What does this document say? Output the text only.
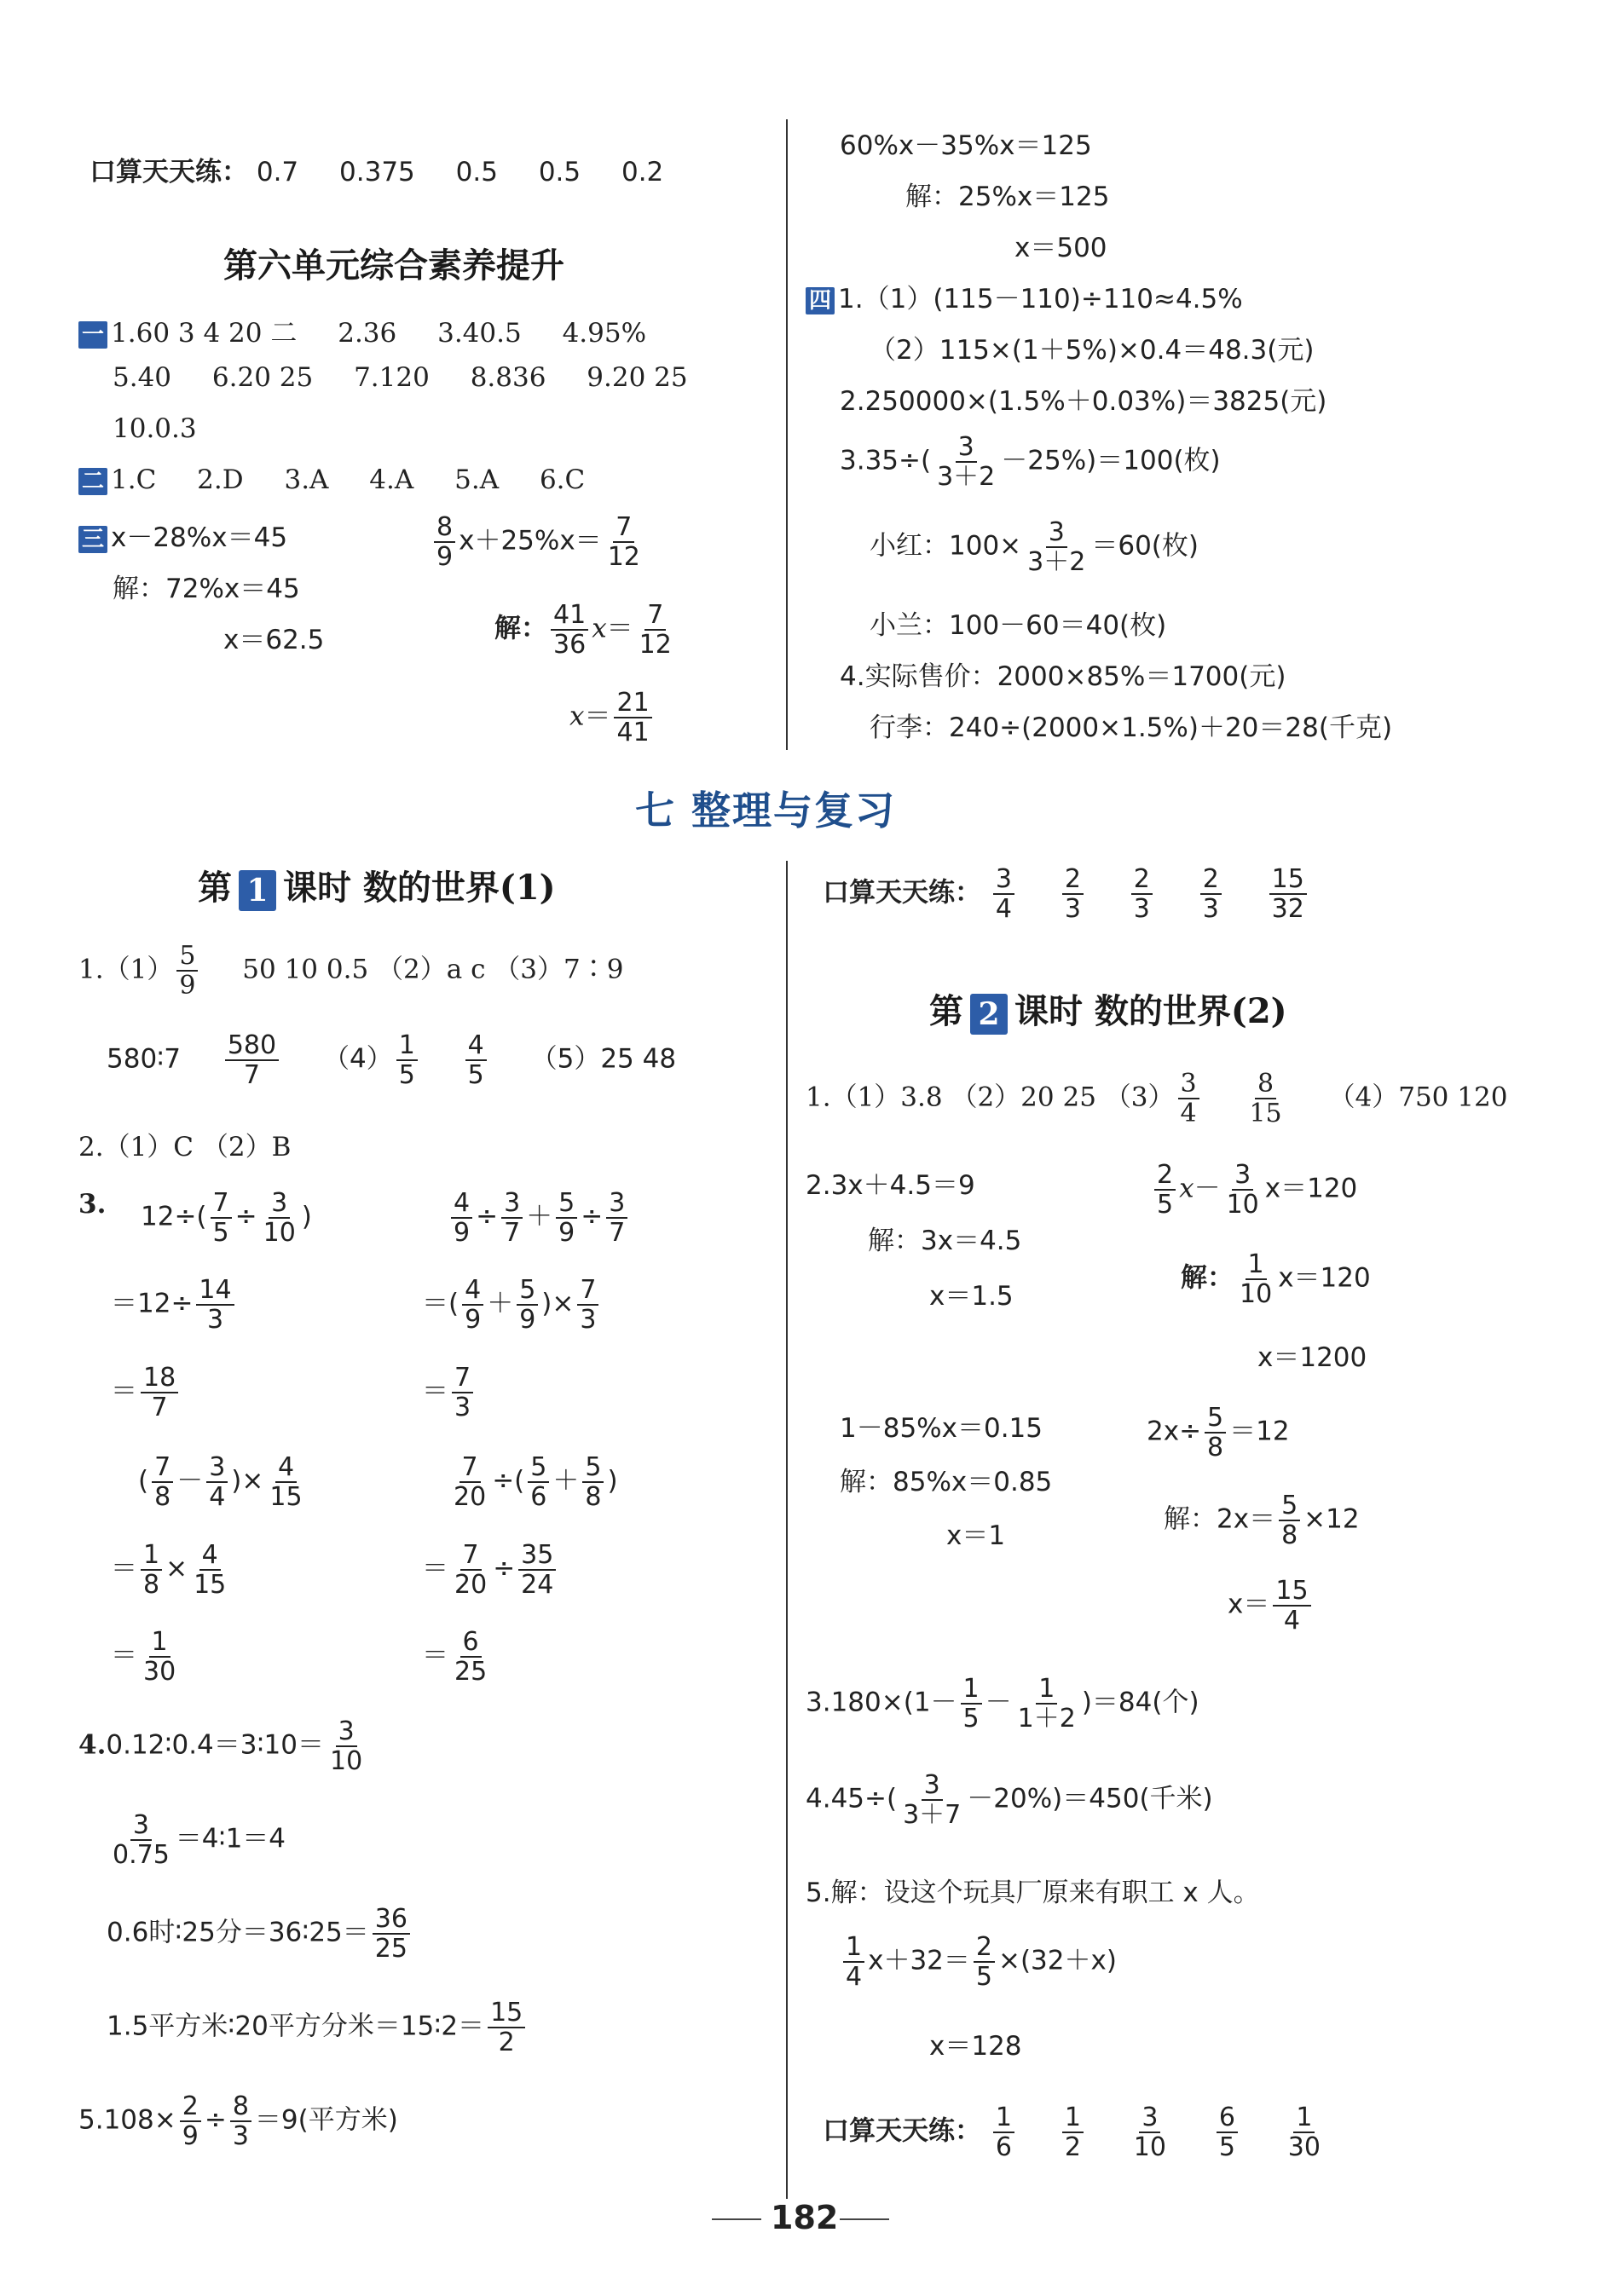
口算天天练： 0.7 0.375 0.5 0.5 0.2
第六单元综合素养提升
一 1.60 3 4 20 二 2.36 3.40.5 4.95%
5.40 6.20 25 7.120 8.836 9.20 25
10.0.3
二 1.C 2.D 3.A 4.A 5.A 6.C
三 x－28%x＝45
解：72%x＝45
x＝62.5
$\frac{8}{9} x+25\%x= \frac{7}{12}$
解： $\frac{41}{36} x= \frac{7}{12}$
$x= \frac{21}{41}$
60%x－35%x＝125
解：25%x＝125
x＝500
四 1.（1）(115－110)÷110≈4.5%
（2）115×(1＋5%)×0.4＝48.3(元)
2.250000×(1.5%＋0.03%)＝3825(元)
$3.35\div( \frac{3}{3+2} -25\%)=100$(枚)
小红：$100\times \frac{3}{3+2} =60$(枚)
小兰：100－60＝40(枚)
4.实际售价：2000×85%＝1700(元)
行李：240÷(2000×1.5%)＋20＝28(千克)
七 整理与复习
第 1 课时 数的世界(1)
$1.(1) \frac{5}{9} 50$ 10 0.5 （2）a c （3）7∶9
580∶7 $\frac{580}{7} (4) \frac{1}{5}$
$\frac{4}{5} (5)25$ 48
2.（1）C （2）B
3. $12\div( \frac{7}{5} \div \frac{3}{10}$ )
$=12\div \frac{14}{3}$
＝ $\frac{18}{7}$
$\frac{4}{9} \div \frac{3}{7} + \frac{5}{9} \div \frac{3}{7}$
＝( $\frac{4}{9} + \frac{5}{9}$ )× $\frac{7}{3}$
＝ $\frac{7}{3}$
( $\frac{7}{8} - \frac{3}{4}$ )× $\frac{4}{15}$
＝ $\frac{1}{8} \times \frac{4}{15}$
＝ $\frac{1}{30}$
$\frac{7}{20}$ ÷( $\frac{5}{6} + \frac{5}{8}$ )
＝ $\frac{7}{20} \div \frac{35}{24}$
＝ $\frac{6}{25}$
4.0.12∶0.4＝3∶10＝ $\frac{3}{10}$
$\frac{3}{0.75}$ ＝4∶1＝4
0.6时∶25分＝36∶25＝ $\frac{36}{25}$
1.5平方米∶20平方分米＝15∶2＝ $\frac{15}{2}$
$5.108\times \frac{2}{9} \div \frac{8}{3} =9$(平方米)
口算天天练： $\frac{3}{4}$
$\frac{2}{3}$
$\frac{2}{3}$
$\frac{2}{3}$
$\frac{15}{32}$
第 2 课时 数的世界(2)
1.（1）3.8 （2）20 25 $(3) \frac{3}{4}$
$\frac{8}{15} (4)750$ 120
2.3x＋4.5＝9
解：3x＝4.5
x＝1.5
$\frac{2}{5} x- \frac{3}{10} x=120$
解： $\frac{1}{10} x=120$
x＝1200
1－85%x＝0.15
解：85%x＝0.85
x＝1
$2x\div \frac{5}{8} =12$
解：$2x= \frac{5}{8} \times 12$
$x= \frac{15}{4}$
$3.180\times(1- \frac{1}{5} - \frac{1}{1+2} )=84$(个)
$4.45\div( \frac{3}{3+7} -20\%)=450$(千米)
5.解：设这个玩具厂原来有职工 x 人。
$\frac{1}{4} x+32= \frac{2}{5} \times(32+x)$
x＝128
口算天天练： $\frac{1}{6}$
$\frac{1}{2}$
$\frac{3}{10}$
$\frac{6}{5}$
$\frac{1}{30}$
182
